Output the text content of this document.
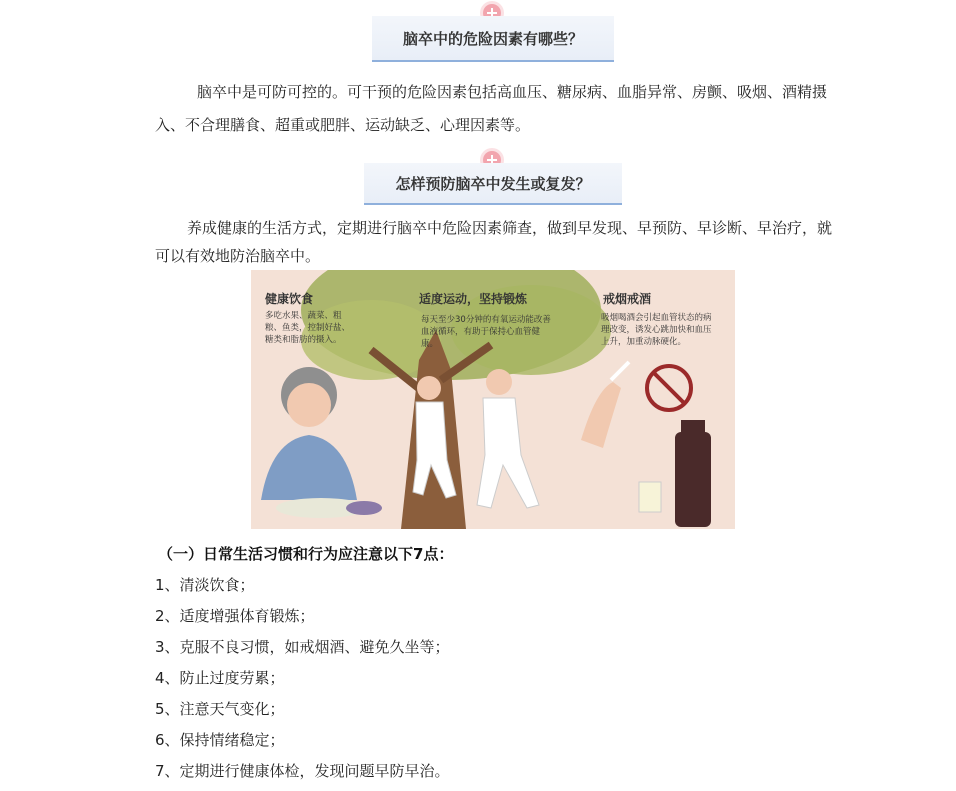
脑卒中的危险因素有哪些？
脑卒中是可防可控的。可干预的危险因素包括高血压、糖尿病、血脂异常、房颤、吸烟、酒精摄入、不合理膳食、超重或肥胖、运动缺乏、心理因素等。
怎样预防脑卒中发生或复发？
养成健康的生活方式，定期进行脑卒中危险因素筛查，做到早发现、早预防、早诊断、早治疗，就可以有效地防治脑卒中。
健康饮食
多吃水果、蔬菜、粗粮、鱼类，控制好盐、糖类和脂肪的摄入。
适度运动，坚持锻炼
每天至少30分钟的有氧运动能改善血液循环，有助于保持心血管健康。
戒烟戒酒
吸烟喝酒会引起血管状态的病理改变，诱发心跳加快和血压上升，加重动脉硬化。
（一）日常生活习惯和行为应注意以下7点：
1、清淡饮食；
2、适度增强体育锻炼；
3、克服不良习惯，如戒烟酒、避免久坐等；
4、防止过度劳累；
5、注意天气变化；
6、保持情绪稳定；
7、定期进行健康体检，发现问题早防早治。
